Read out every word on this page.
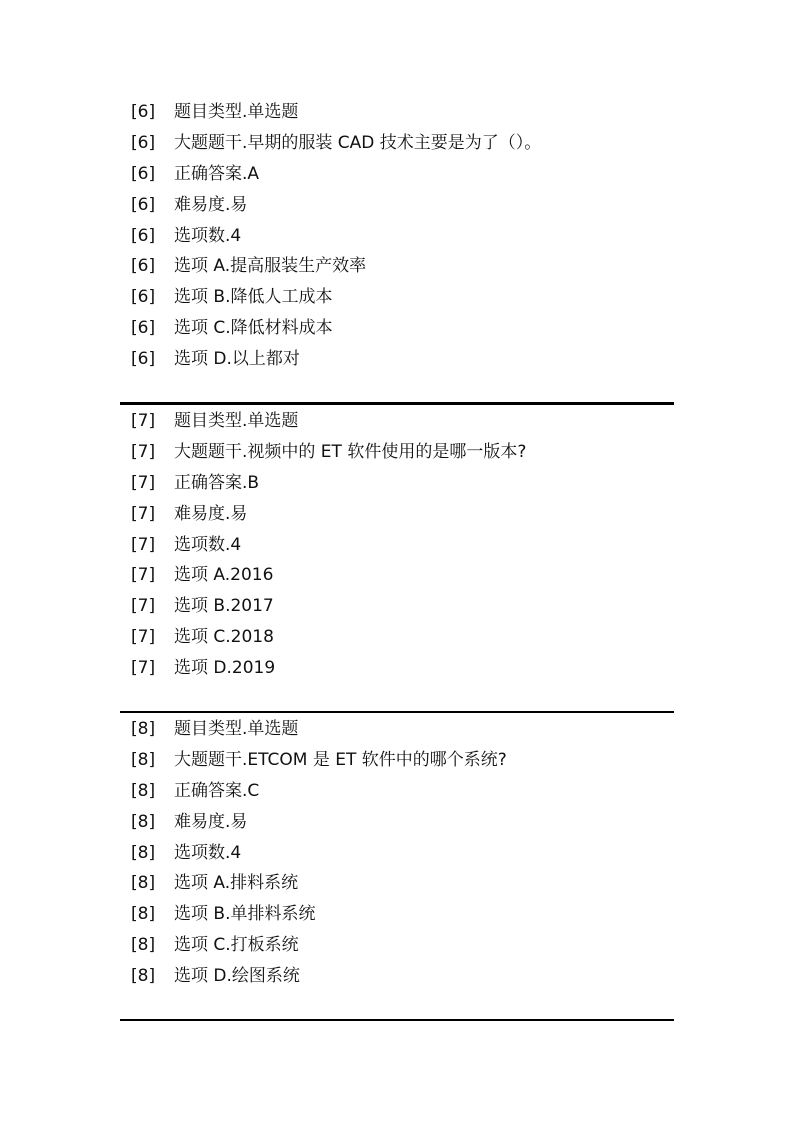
[6] 题目类型.单选题
[6] 大题题干.早期的服装 CAD 技术主要是为了（）。
[6] 正确答案.A
[6] 难易度.易
[6] 选项数.4
[6] 选项 A.提高服装生产效率
[6] 选项 B.降低人工成本
[6] 选项 C.降低材料成本
[6] 选项 D.以上都对
[7] 题目类型.单选题
[7] 大题题干.视频中的 ET 软件使用的是哪一版本?
[7] 正确答案.B
[7] 难易度.易
[7] 选项数.4
[7] 选项 A.2016
[7] 选项 B.2017
[7] 选项 C.2018
[7] 选项 D.2019
[8] 题目类型.单选题
[8] 大题题干.ETCOM 是 ET 软件中的哪个系统?
[8] 正确答案.C
[8] 难易度.易
[8] 选项数.4
[8] 选项 A.排料系统
[8] 选项 B.单排料系统
[8] 选项 C.打板系统
[8] 选项 D.绘图系统
